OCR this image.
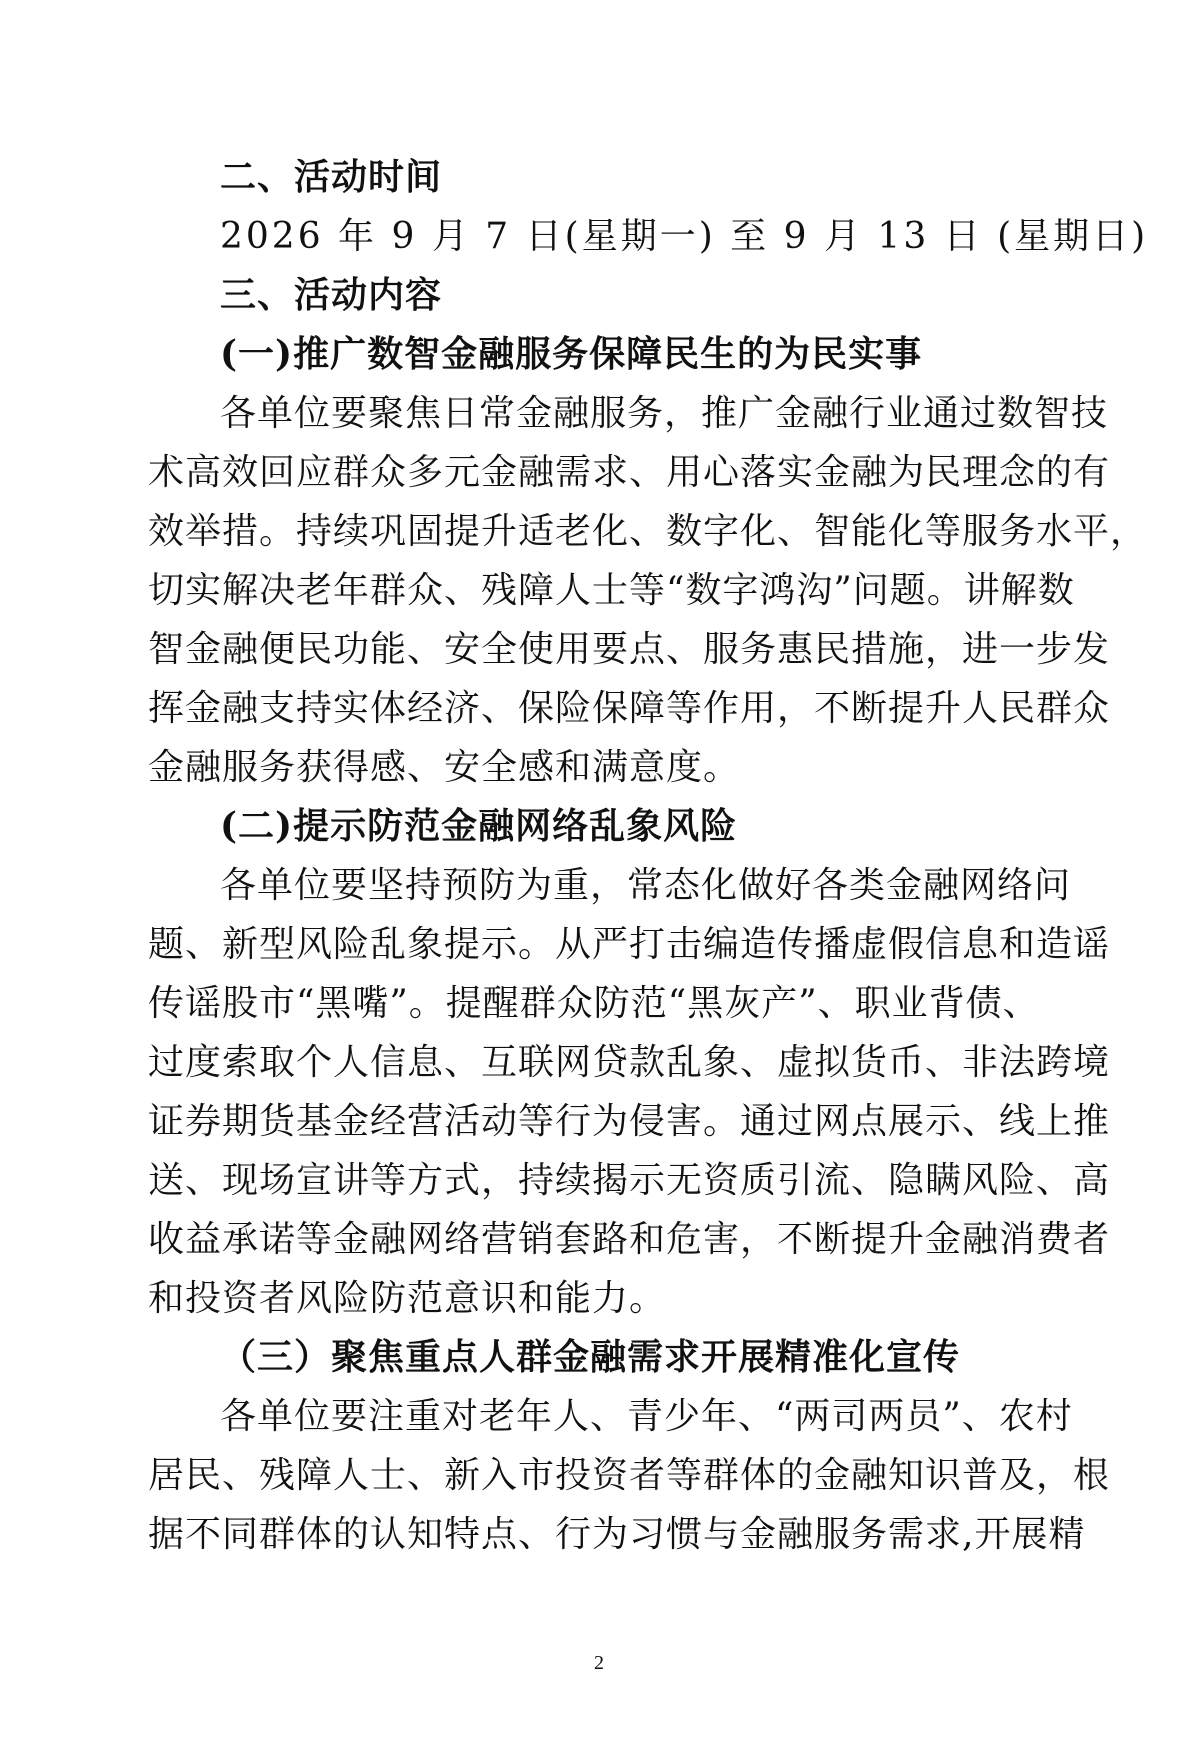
二、活动时间
2026 年 9 月 7 日(星期一) 至 9 月 13 日 (星期日)
三、活动内容
(一)推广数智金融服务保障民生的为民实事
各单位要聚焦日常金融服务，推广金融行业通过数智技
术高效回应群众多元金融需求、用心落实金融为民理念的有
效举措。持续巩固提升适老化、数字化、智能化等服务水平，
切实解决老年群众、残障人士等“数字鸿沟”问题。讲解数
智金融便民功能、安全使用要点、服务惠民措施，进一步发
挥金融支持实体经济、保险保障等作用，不断提升人民群众
金融服务获得感、安全感和满意度。
(二)提示防范金融网络乱象风险
各单位要坚持预防为重，常态化做好各类金融网络问
题、新型风险乱象提示。从严打击编造传播虚假信息和造谣
传谣股市“黑嘴”。提醒群众防范“黑灰产”、职业背债、
过度索取个人信息、互联网贷款乱象、虚拟货币、非法跨境
证券期货基金经营活动等行为侵害。通过网点展示、线上推
送、现场宣讲等方式，持续揭示无资质引流、隐瞒风险、高
收益承诺等金融网络营销套路和危害，不断提升金融消费者
和投资者风险防范意识和能力。
（三）聚焦重点人群金融需求开展精准化宣传
各单位要注重对老年人、青少年、“两司两员”、农村
居民、残障人士、新入市投资者等群体的金融知识普及，根
据不同群体的认知特点、行为习惯与金融服务需求,开展精
2
